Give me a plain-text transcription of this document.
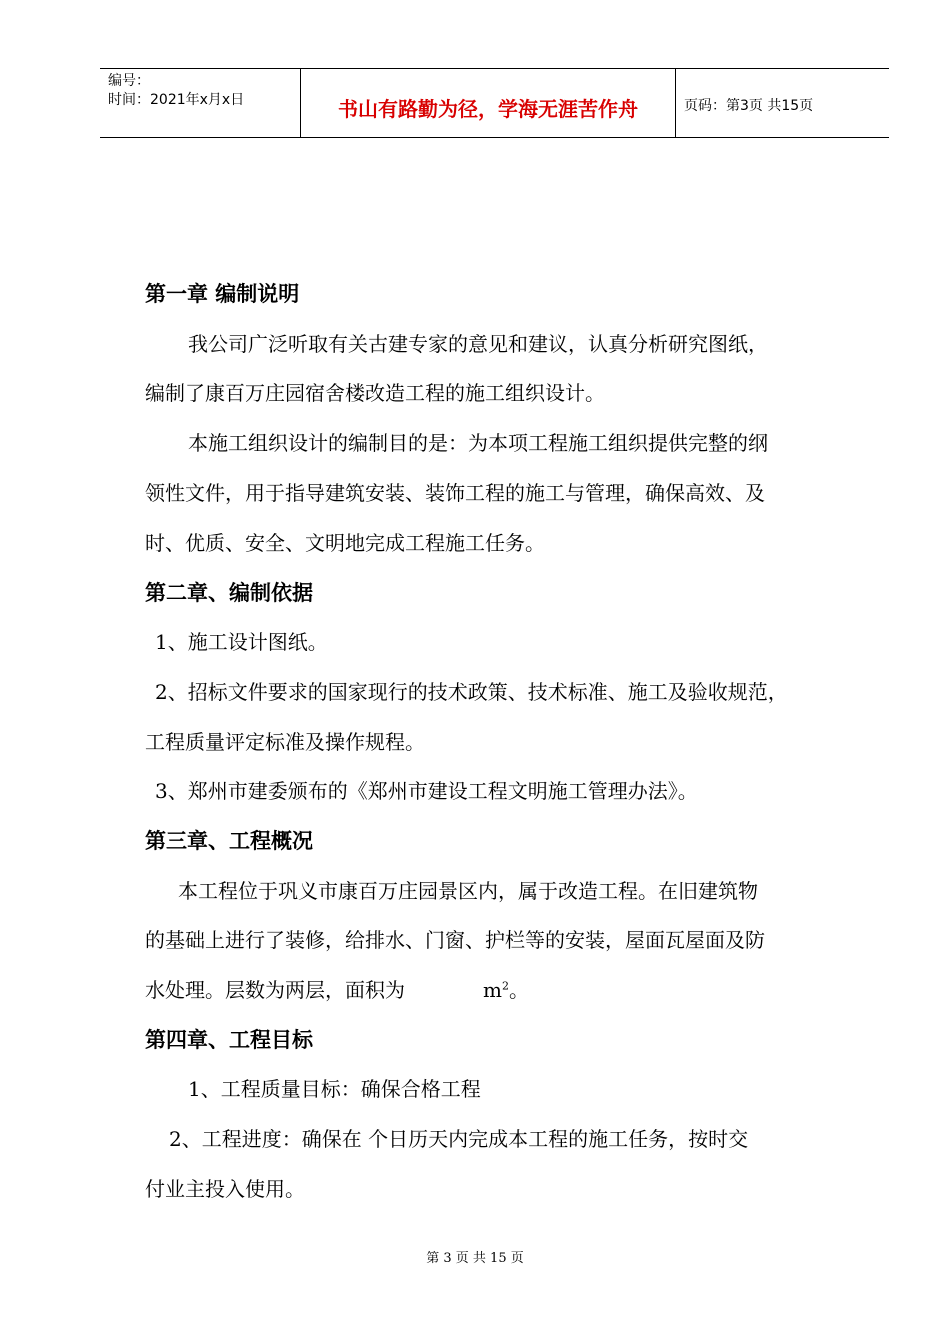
编号：
时间：2021年x月x日	书山有路勤为径，学海无涯苦作舟	页码：第3页 共15页
第一章 编制说明
我公司广泛听取有关古建专家的意见和建议，认真分析研究图纸，
编制了康百万庄园宿舍楼改造工程的施工组织设计。
本施工组织设计的编制目的是：为本项工程施工组织提供完整的纲
领性文件，用于指导建筑安装、装饰工程的施工与管理，确保高效、及
时、优质、安全、文明地完成工程施工任务。
第二章、编制依据
1、施工设计图纸。
2、招标文件要求的国家现行的技术政策、技术标准、施工及验收规范，
工程质量评定标准及操作规程。
3、郑州市建委颁布的《郑州市建设工程文明施工管理办法》。
第三章、工程概况
本工程位于巩义市康百万庄园景区内，属于改造工程。在旧建筑物
的基础上进行了装修，给排水、门窗、护栏等的安装，屋面瓦屋面及防
水处理。层数为两层，面积为	$m^2$。
第四章、工程目标
1、工程质量目标：确保合格工程
2、工程进度：确保在 个日历天内完成本工程的施工任务，按时交
付业主投入使用。
第 3 页 共 15 页
